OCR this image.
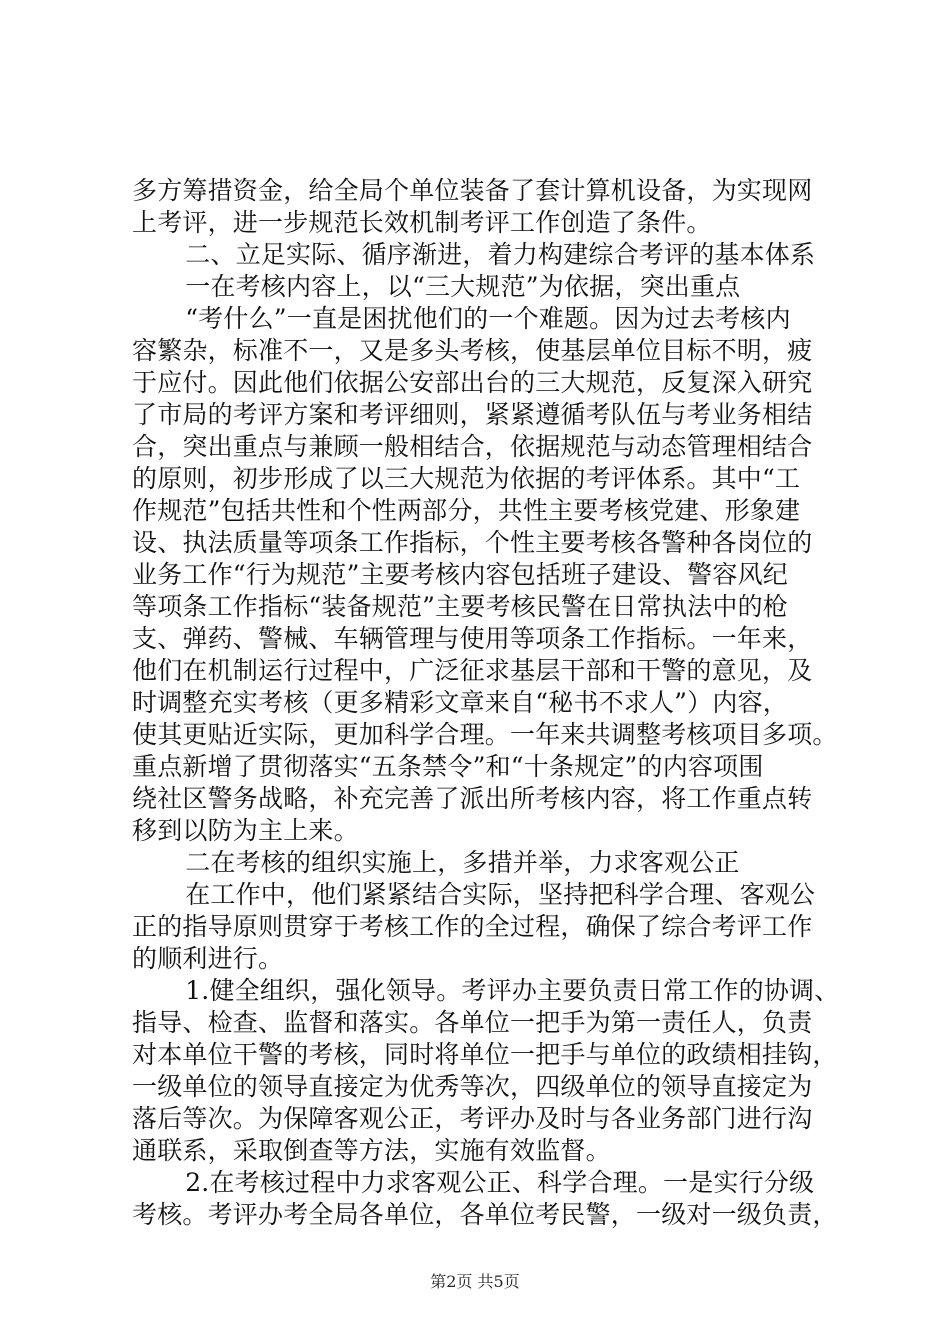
多方筹措资金，给全局个单位装备了套计算机设备，为实现网
上考评，进一步规范长效机制考评工作创造了条件。
　二、立足实际、循序渐进，着力构建综合考评的基本体系
　一在考核内容上，以“三大规范”为依据，突出重点
　“考什么”一直是困扰他们的一个难题。因为过去考核内
容繁杂，标准不一，又是多头考核，使基层单位目标不明，疲
于应付。因此他们依据公安部出台的三大规范，反复深入研究
了市局的考评方案和考评细则，紧紧遵循考队伍与考业务相结
合，突出重点与兼顾一般相结合，依据规范与动态管理相结合
的原则，初步形成了以三大规范为依据的考评体系。其中“工
作规范”包括共性和个性两部分，共性主要考核党建、形象建
设、执法质量等项条工作指标，个性主要考核各警种各岗位的
业务工作“行为规范”主要考核内容包括班子建设、警容风纪
等项条工作指标“装备规范”主要考核民警在日常执法中的枪
支、弹药、警械、车辆管理与使用等项条工作指标。一年来，
他们在机制运行过程中，广泛征求基层干部和干警的意见，及
时调整充实考核（更多精彩文章来自“秘书不求人”）内容，
使其更贴近实际，更加科学合理。一年来共调整考核项目多项。
重点新增了贯彻落实“五条禁令”和“十条规定”的内容项围
绕社区警务战略，补充完善了派出所考核内容，将工作重点转
移到以防为主上来。
　二在考核的组织实施上，多措并举，力求客观公正
　在工作中，他们紧紧结合实际，坚持把科学合理、客观公
正的指导原则贯穿于考核工作的全过程，确保了综合考评工作
的顺利进行。
　1.健全组织，强化领导。考评办主要负责日常工作的协调、
指导、检查、监督和落实。各单位一把手为第一责任人，负责
对本单位干警的考核，同时将单位一把手与单位的政绩相挂钩，
一级单位的领导直接定为优秀等次，四级单位的领导直接定为
落后等次。为保障客观公正，考评办及时与各业务部门进行沟
通联系，采取倒查等方法，实施有效监督。
　2.在考核过程中力求客观公正、科学合理。一是实行分级
考核。考评办考全局各单位，各单位考民警，一级对一级负责，
第2页 共5页
